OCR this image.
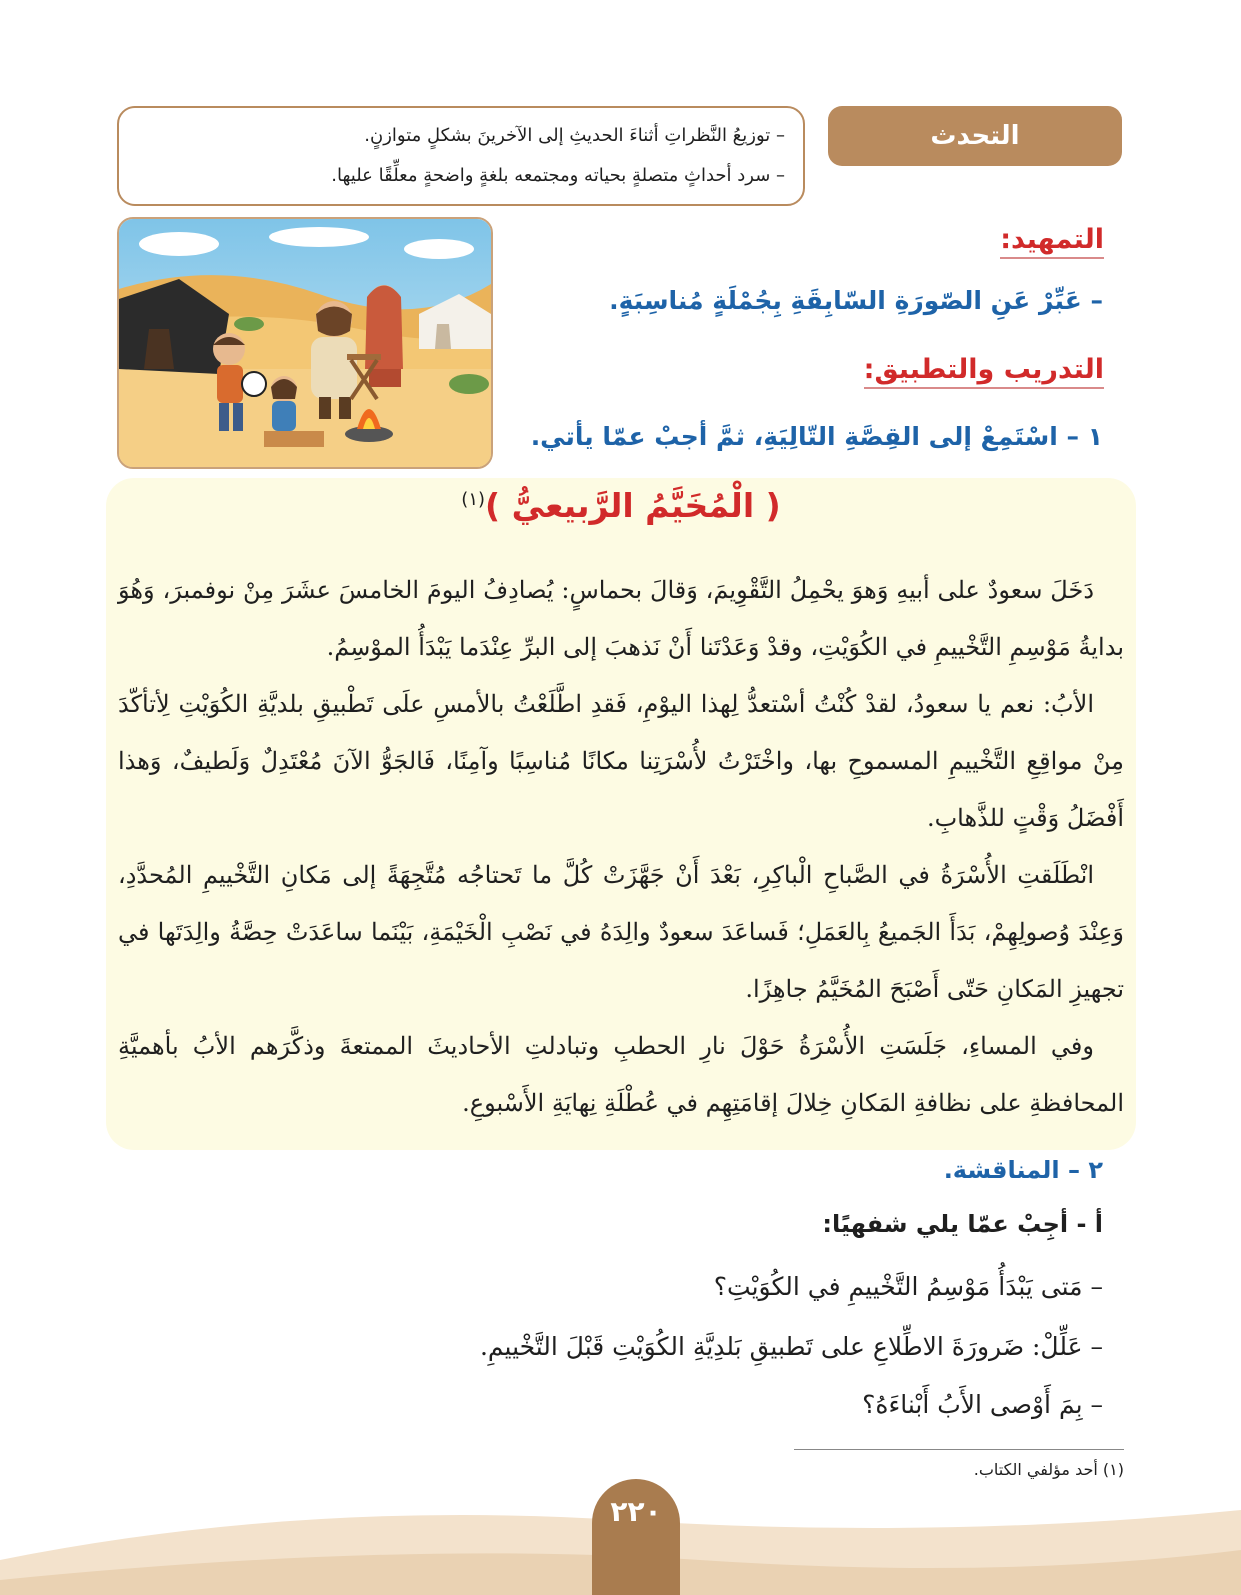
التحدث
– توزيعُ النَّظراتِ أثناءَ الحديثِ إلى الآخرينَ بشكلٍ متوازنٍ.
– سرد أحداثٍ متصلةٍ بحياته ومجتمعه بلغةٍ واضحةٍ معلِّقًا عليها.
التمهيد:
– عَبِّرْ عَنِ الصّورَةِ السّابِقَةِ بِجُمْلَةٍ مُناسِبَةٍ.
التدريب والتطبيق:
١ – اسْتَمِعْ إلى القِصَّةِ التّالِيَةِ، ثمَّ أجبْ عمّا يأتي.
( الْمُخَيَّمُ الرَّبيعيُّ )$^{(١)}$

دَخَلَ سعودٌ على أبيهِ وَهوَ يحْمِلُ التَّقْوِيمَ، وَقالَ بحماسٍ: يُصادِفُ اليومَ الخامسَ عشَرَ مِنْ نوفمبرَ، وَهُوَ بدايةُ مَوْسِمِ التَّخْييمِ في الكُوَيْتِ، وقدْ وَعَدْتَنا أَنْ نَذهبَ إلى البرِّ عِنْدَما يَبْدَأُ الموْسِمُ.

الأبُ: نعم يا سعودُ، لقدْ كُنْتُ أسْتعدُّ لِهذا اليوْمِ، فَقدِ اطَّلَعْتُ بالأمسِ علَى تَطْبيقِ بلديَّةِ الكُوَيْتِ لِأتأكّدَ مِنْ مواقِعِ التَّخْييمِ المسموحِ بها، واخْتَرْتُ لأُسْرَتِنا مكانًا مُناسِبًا وآمِنًا، فَالجَوُّ الآنَ مُعْتَدِلٌ وَلَطيفٌ، وَهذا أَفْضَلُ وَقْتٍ للذَّهابِ.

انْطَلَقتِ الأُسْرَةُ في الصَّباحِ الْباكِرِ، بَعْدَ أَنْ جَهَّزَتْ كُلَّ ما تَحتاجُه مُتَّجِهَةً إلى مَكانِ التَّخْييمِ المُحدَّدِ، وَعِنْدَ وُصولِهِمْ، بَدَأَ الجَميعُ بِالعَمَلِ؛ فَساعَدَ سعودٌ والِدَهُ في نَصْبِ الْخَيْمَةِ، بَيْنَما ساعَدَتْ حِصَّةُ والِدَتَها في تجهيزِ المَكانِ حَتّى أَصْبَحَ المُخَيَّمُ جاهِزًا.

وفي المساءِ، جَلَسَتِ الأُسْرَةُ حَوْلَ نارِ الحطبِ وتبادلتِ الأحاديثَ الممتعةَ وذكَّرَهم الأبُ بأهميَّةِ المحافظةِ على نظافةِ المَكانِ خِلالَ إقامَتِهِم في عُطْلَةِ نِهايَةِ الأَسْبوعِ.

٢ – المناقشة.
أ - أجِبْ عمّا يلي شفهيًا:
– مَتى يَبْدَأُ مَوْسِمُ التَّخْييمِ في الكُوَيْتِ؟
– عَلِّلْ: ضَرورَةَ الاطِّلاعِ على تَطبيقِ بَلدِيَّةِ الكُوَيْتِ قَبْلَ التَّخْييمِ.
– بِمَ أَوْصى الأَبُ أَبْناءَهُ؟
(١) أحد مؤلفي الكتاب.
٢٢٠
